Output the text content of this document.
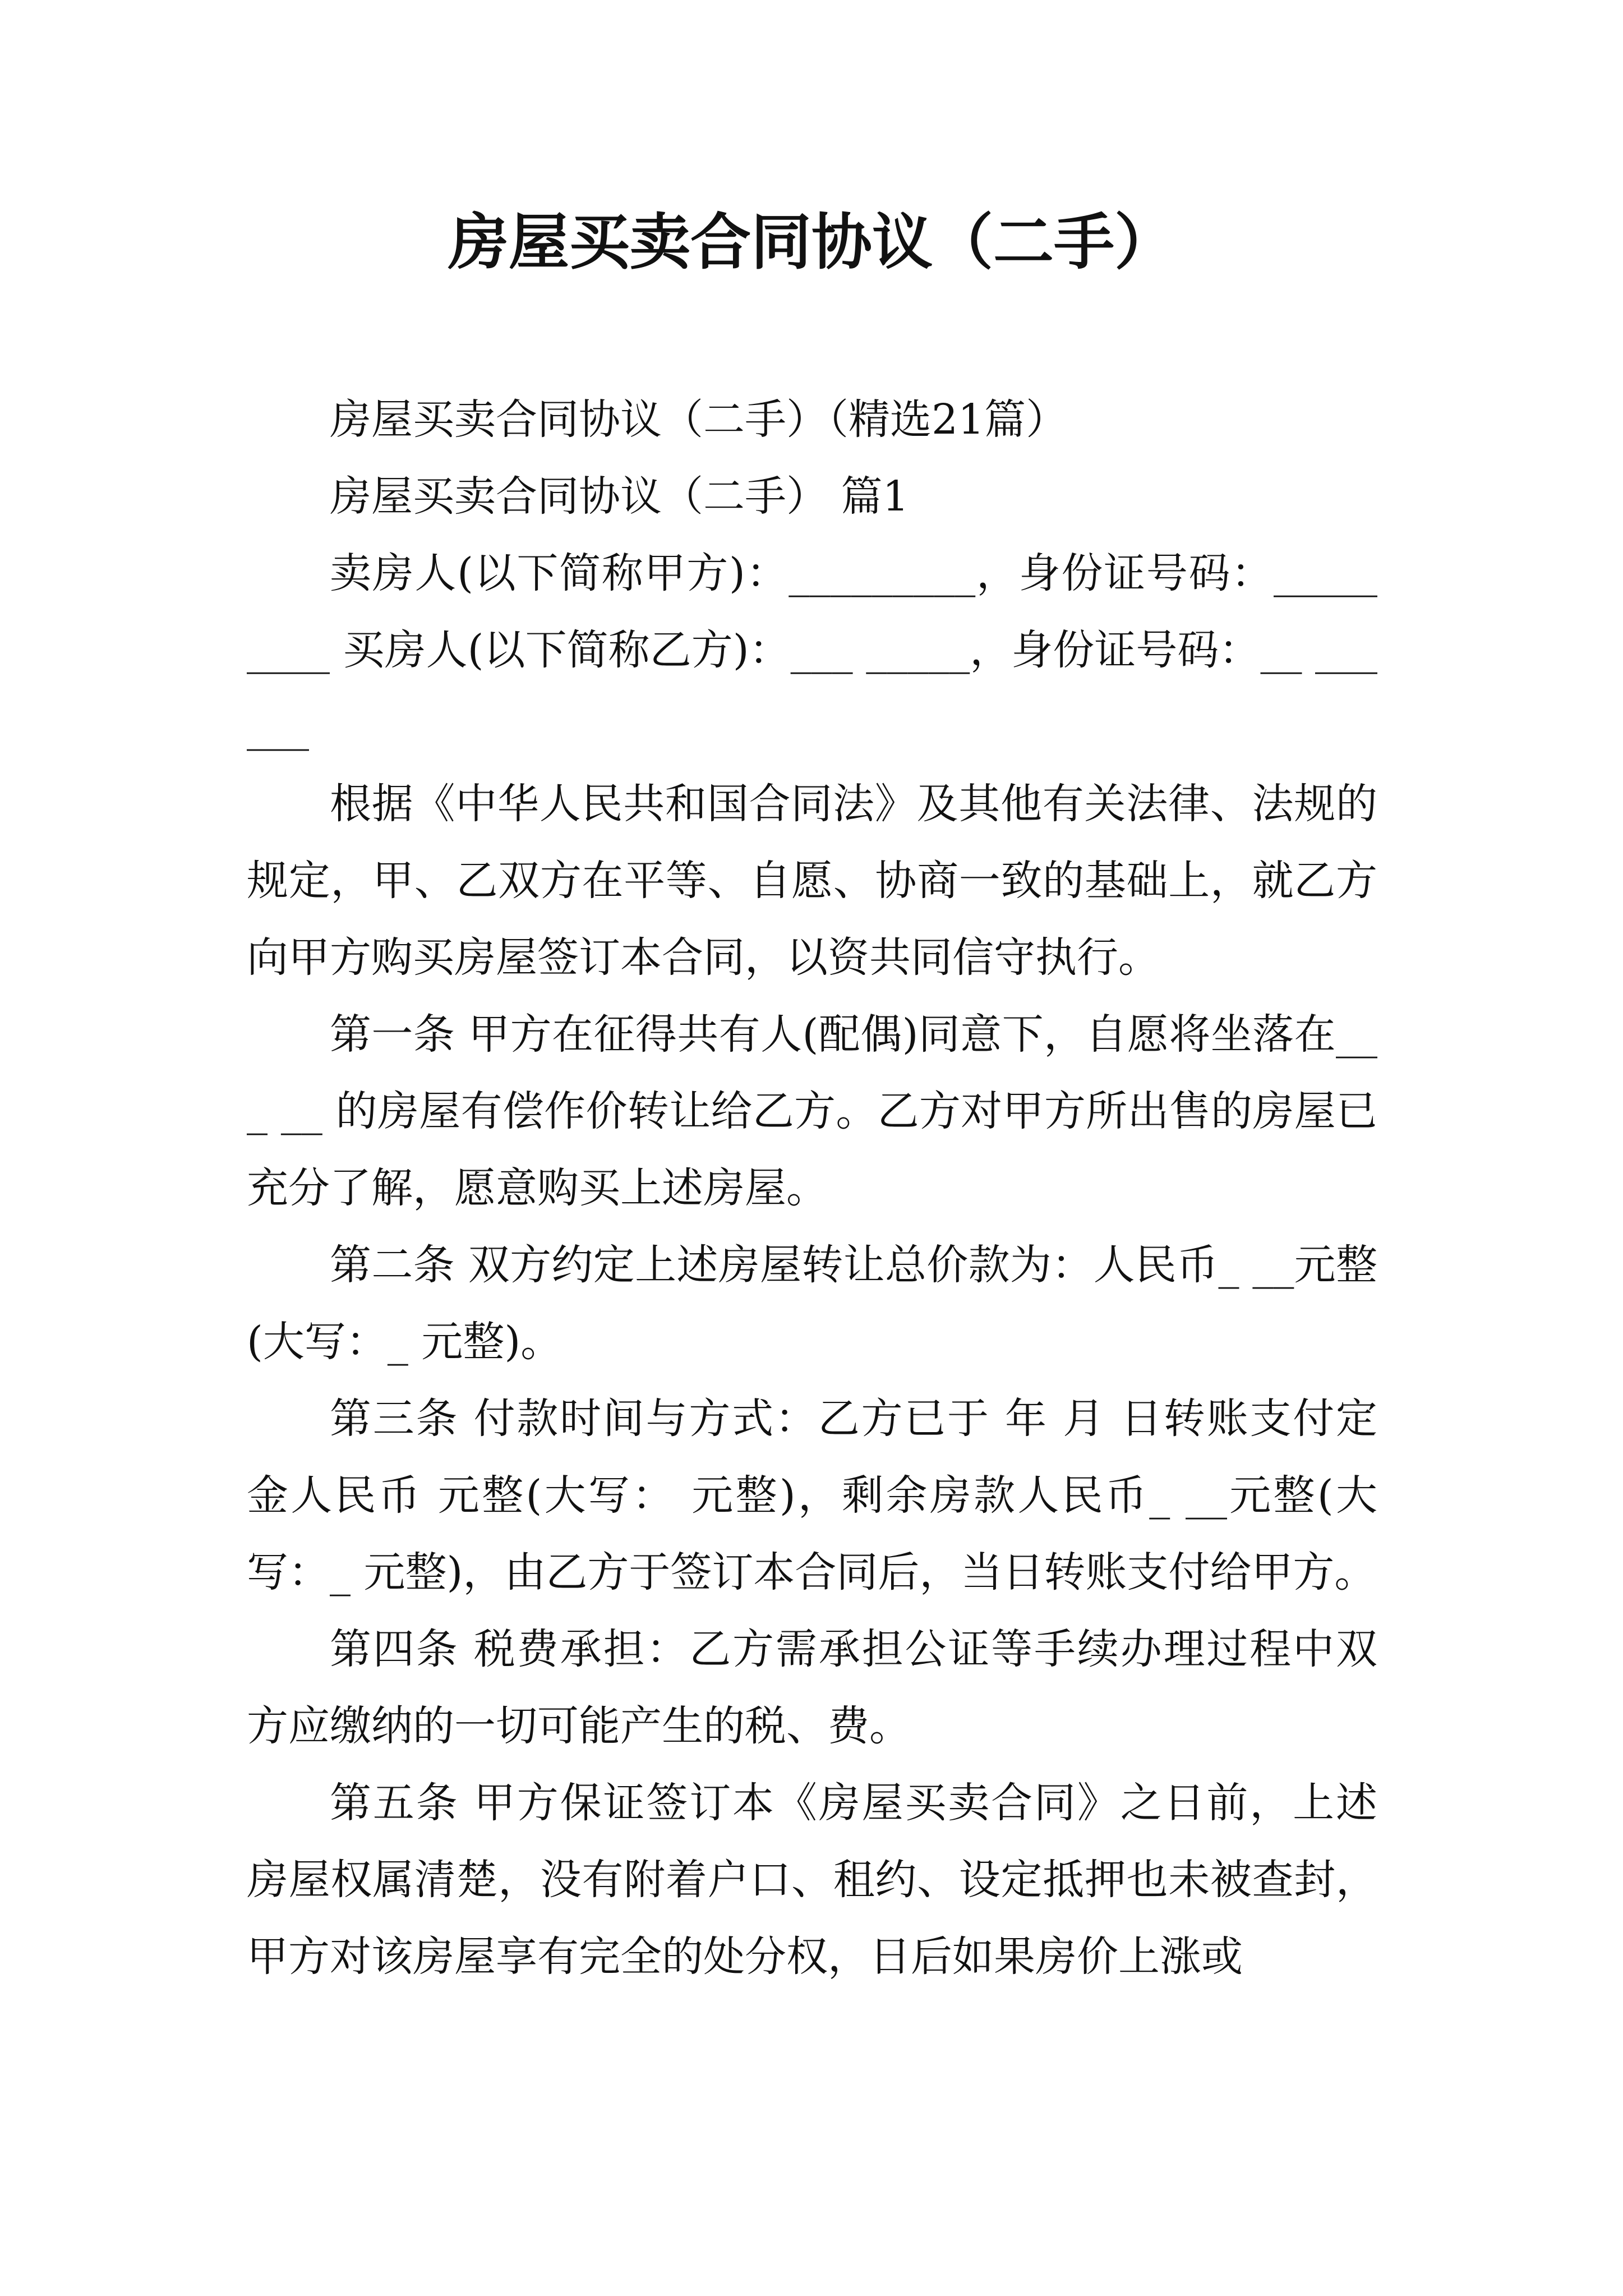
房屋买卖合同协议（二手）

房屋买卖合同协议（二手）（精选21篇）

房屋买卖合同协议（二手） 篇1

卖房人(以下简称甲方)：_________，身份证号码：_________ 买房人(以下简称乙方)：___ _____，身份证号码：__ ______

根据《中华人民共和国合同法》及其他有关法律、法规的规定，甲、乙双方在平等、自愿、协商一致的基础上，就乙方向甲方购买房屋签订本合同，以资共同信守执行。

第一条 甲方在征得共有人(配偶)同意下，自愿将坐落在___ __ 的房屋有偿作价转让给乙方。乙方对甲方所出售的房屋已充分了解，愿意购买上述房屋。

第二条 双方约定上述房屋转让总价款为：人民币_ __元整(大写：_ 元整)。

第三条 付款时间与方式：乙方已于 年 月 日转账支付定金人民币 元整(大写： 元整)，剩余房款人民币_ __元整(大写：_ 元整)，由乙方于签订本合同后，当日转账支付给甲方。

第四条 税费承担：乙方需承担公证等手续办理过程中双方应缴纳的一切可能产生的税、费。

第五条 甲方保证签订本《房屋买卖合同》之日前，上述房屋权属清楚，没有附着户口、租约、设定抵押也未被查封，甲方对该房屋享有完全的处分权，日后如果房价上涨或
